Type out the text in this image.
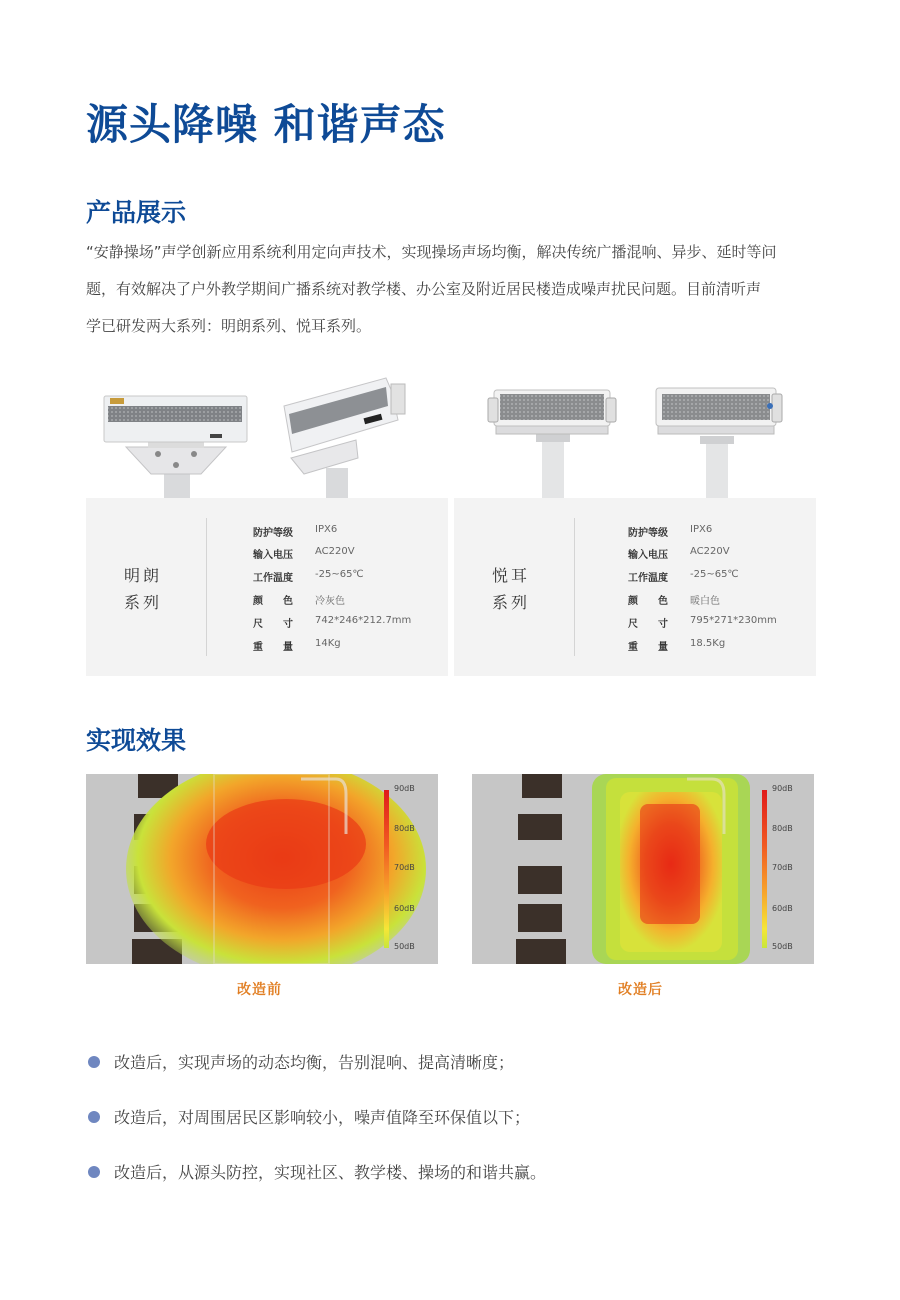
源头降噪 和谐声态
产品展示
“安静操场”声学创新应用系统利用定向声技术，实现操场声场均衡，解决传统广播混响、异步、延时等问
题，有效解决了户外教学期间广播系统对教学楼、办公室及附近居民楼造成噪声扰民问题。目前清听声
学已研发两大系列：明朗系列、悦耳系列。
明朗
系列
防护等级 IPX6
输入电压 AC220V
工作温度 -25~65℃
颜　　色 冷灰色
尺　　寸 742*246*212.7mm
重　　量 14Kg
悦耳
系列
防护等级 IPX6
输入电压 AC220V
工作温度 -25~65℃
颜　　色 暖白色
尺　　寸 795*271*230mm
重　　量 18.5Kg
实现效果
90dB
80dB
70dB
60dB
50dB
90dB
80dB
70dB
60dB
50dB
改造前	改造后
改造后，实现声场的动态均衡，告别混响、提高清晰度；
改造后，对周围居民区影响较小，噪声值降至环保值以下；
改造后，从源头防控，实现社区、教学楼、操场的和谐共赢。
